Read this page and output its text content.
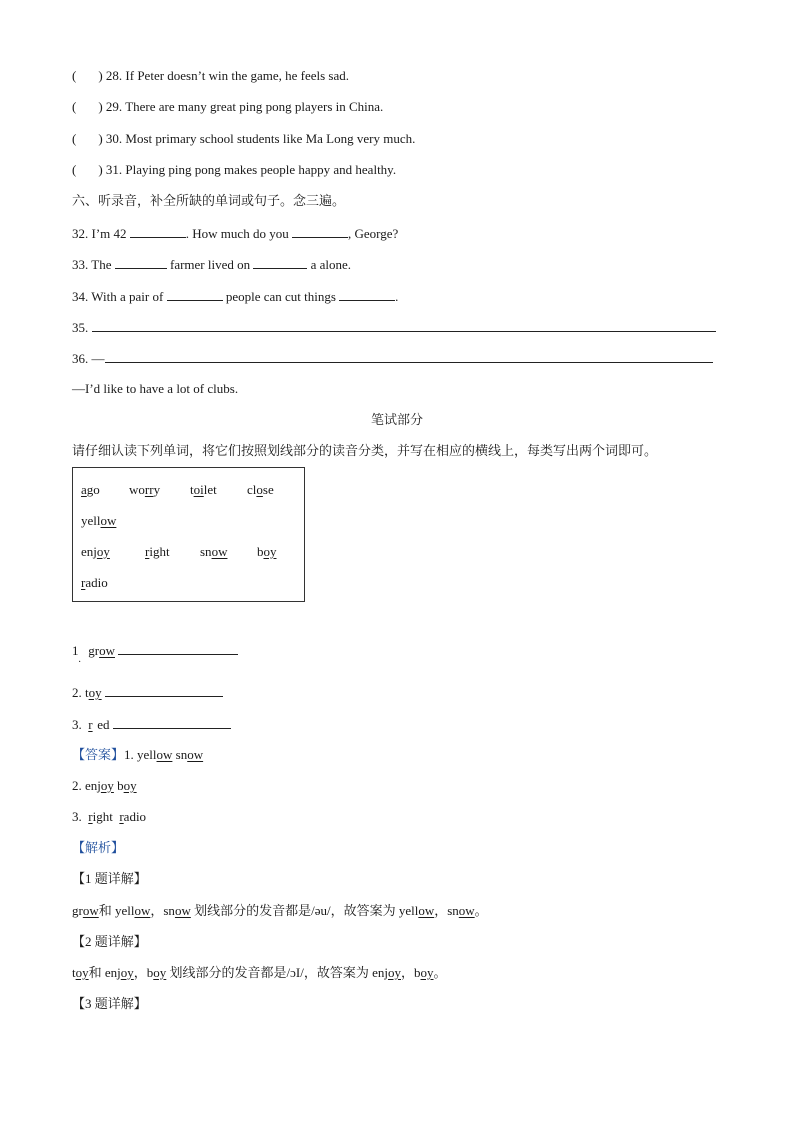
( ) 28. If Peter doesn’t win the game, he feels sad.
( ) 29. There are many great ping pong players in China.
( ) 30. Most primary school students like Ma Long very much.
( ) 31. Playing ping pong makes people happy and healthy.
六、听录音，补全所缺的单词或句子。念三遍。
32. I’m 42	. How much do you	, George?
33. The	farmer lived on	a alone.
34. With a pair of	people can cut things	.
35.
36. —
—I’d like to have a lot of clubs.
笔试部分
请仔细认读下列单词，将它们按照划线部分的读音分类，并写在相应的横线上，每类写出两个词即可。
ago worry toilet close
yellow
enjoy	right snow boy
radio
1 grow
·
2. toy
3.  r ed
【答案】1. yellow snow
2. enjoy boy
3.  right radio
【解析】
【1 题详解】
grow和 yellow，snow 划线部分的发音都是/əu/，故答案为 yellow，snow。
【2 题详解】
toy和 enjoy，boy 划线部分的发音都是/ɔI/，故答案为 enjoy，boy。
【3 题详解】
